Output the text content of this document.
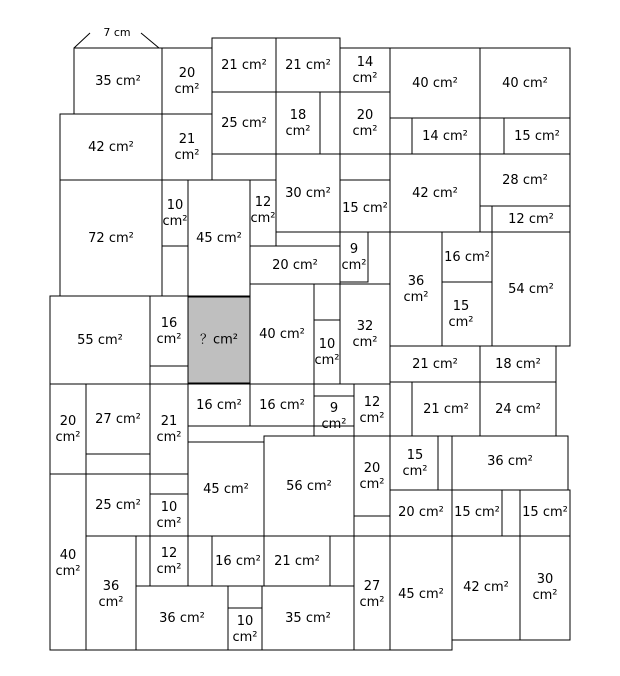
7 cm
？cm²
35 cm²
20 cm²
21 cm² 21 cm²	14 cm²	40 cm²	40 cm²
42 cm²
21 cm²
25 cm²
18 cm²
20 cm²	14 cm²	15 cm²
72 cm²
10 cm²
45 cm²
12 cm²
30 cm²
15 cm²
42 cm²
28 cm²
12 cm²
20 cm²
9 cm²
36 cm²
16 cm²
54 cm²
15 cm²
55 cm²
16 cm²	40 cm²
10 cm²
32 cm²
21 cm²	18 cm²
20 cm²
27 cm²	21 cm²
16 cm² 16 cm²	9 cm²
12 cm²
21 cm² 24 cm²
15 cm²
36 cm²
45 cm²	56 cm²
20 cm²
25 cm²	10 cm²
20 cm² 15 cm² 15 cm²
40 cm²
12 cm²
16 cm² 21 cm²
36 cm²
27 cm²
45 cm² 42 cm²
30 cm²
36 cm²	10 cm²
35 cm²
